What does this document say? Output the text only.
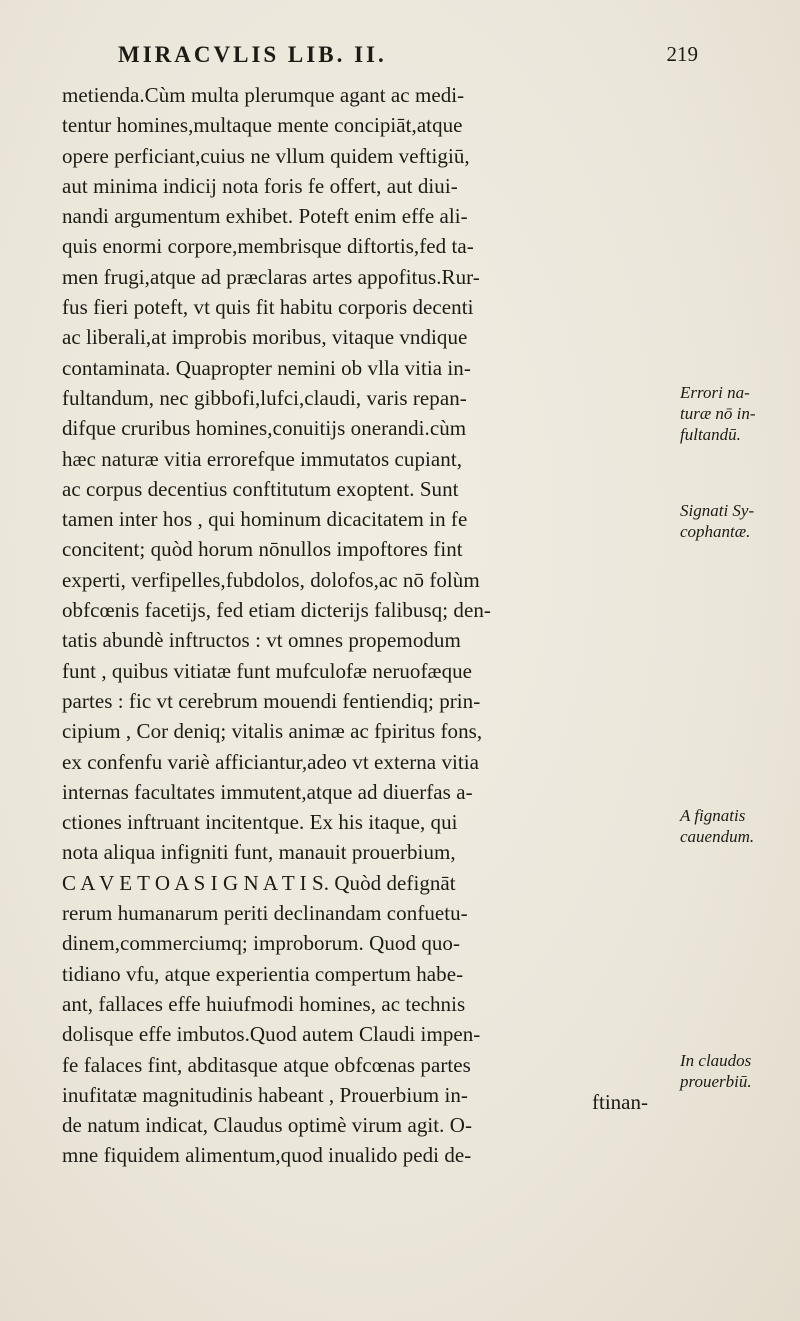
MIRACVLIS LIB. II.	219
metienda.Cùm multa plerumque agant ac medi-
tentur homines,multaque mente concipiāt,atque
opere perficiant,cuius ne vllum quidem veftigiū,
aut minima indicij nota foris fe offert, aut diui-
nandi argumentum exhibet. Poteft enim effe ali-
quis enormi corpore,membrisque diftortis,fed ta-
men frugi,atque ad præclaras artes appofitus.Rur-
fus fieri poteft, vt quis fit habitu corporis decenti
ac liberali,at improbis moribus, vitaque vndique
contaminata. Quapropter nemini ob vlla vitia in-
fultandum, nec gibbofi,lufci,claudi, varis repan-
difque cruribus homines,conuitijs onerandi.cùm
hæc naturæ vitia errorefque immutatos cupiant,
ac corpus decentius conftitutum exoptent. Sunt
tamen inter hos , qui hominum dicacitatem in fe
concitent; quòd horum nōnullos impoftores fint
experti, verfipelles,fubdolos, dolofos,ac nō folùm
obfcœnis facetijs, fed etiam dicterijs falibusq; den-
tatis abundè inftructos : vt omnes propemodum
funt , quibus vitiatæ funt mufculofæ neruofæque
partes : fic vt cerebrum mouendi fentiendiq; prin-
cipium , Cor deniq; vitalis animæ ac fpiritus fons,
ex confenfu variè afficiantur,adeo vt externa vitia
internas facultates immutent,atque ad diuerfas a-
ctiones inftruant incitentque. Ex his itaque, qui
nota aliqua infigniti funt, manauit prouerbium,
C A V E T O A S I G N A T I S. Quòd defignāt
rerum humanarum periti declinandam confuetu-
dinem,commerciumq; improborum. Quod quo-
tidiano vfu, atque experientia compertum habe-
ant, fallaces effe huiufmodi homines, ac technis
dolisque effe imbutos.Quod autem Claudi impen-
fe falaces fint, abditasque atque obfcœnas partes
inufitatæ magnitudinis habeant , Prouerbium in-
de natum indicat, Claudus optimè virum agit. O-
mne fiquidem alimentum,quod inualido pedi de-
ftinan-
Errori na-
turæ nō in-
fultandū.
Signati Sy-
cophantæ.
A fignatis
cauendum.
In claudos
prouerbiū.
